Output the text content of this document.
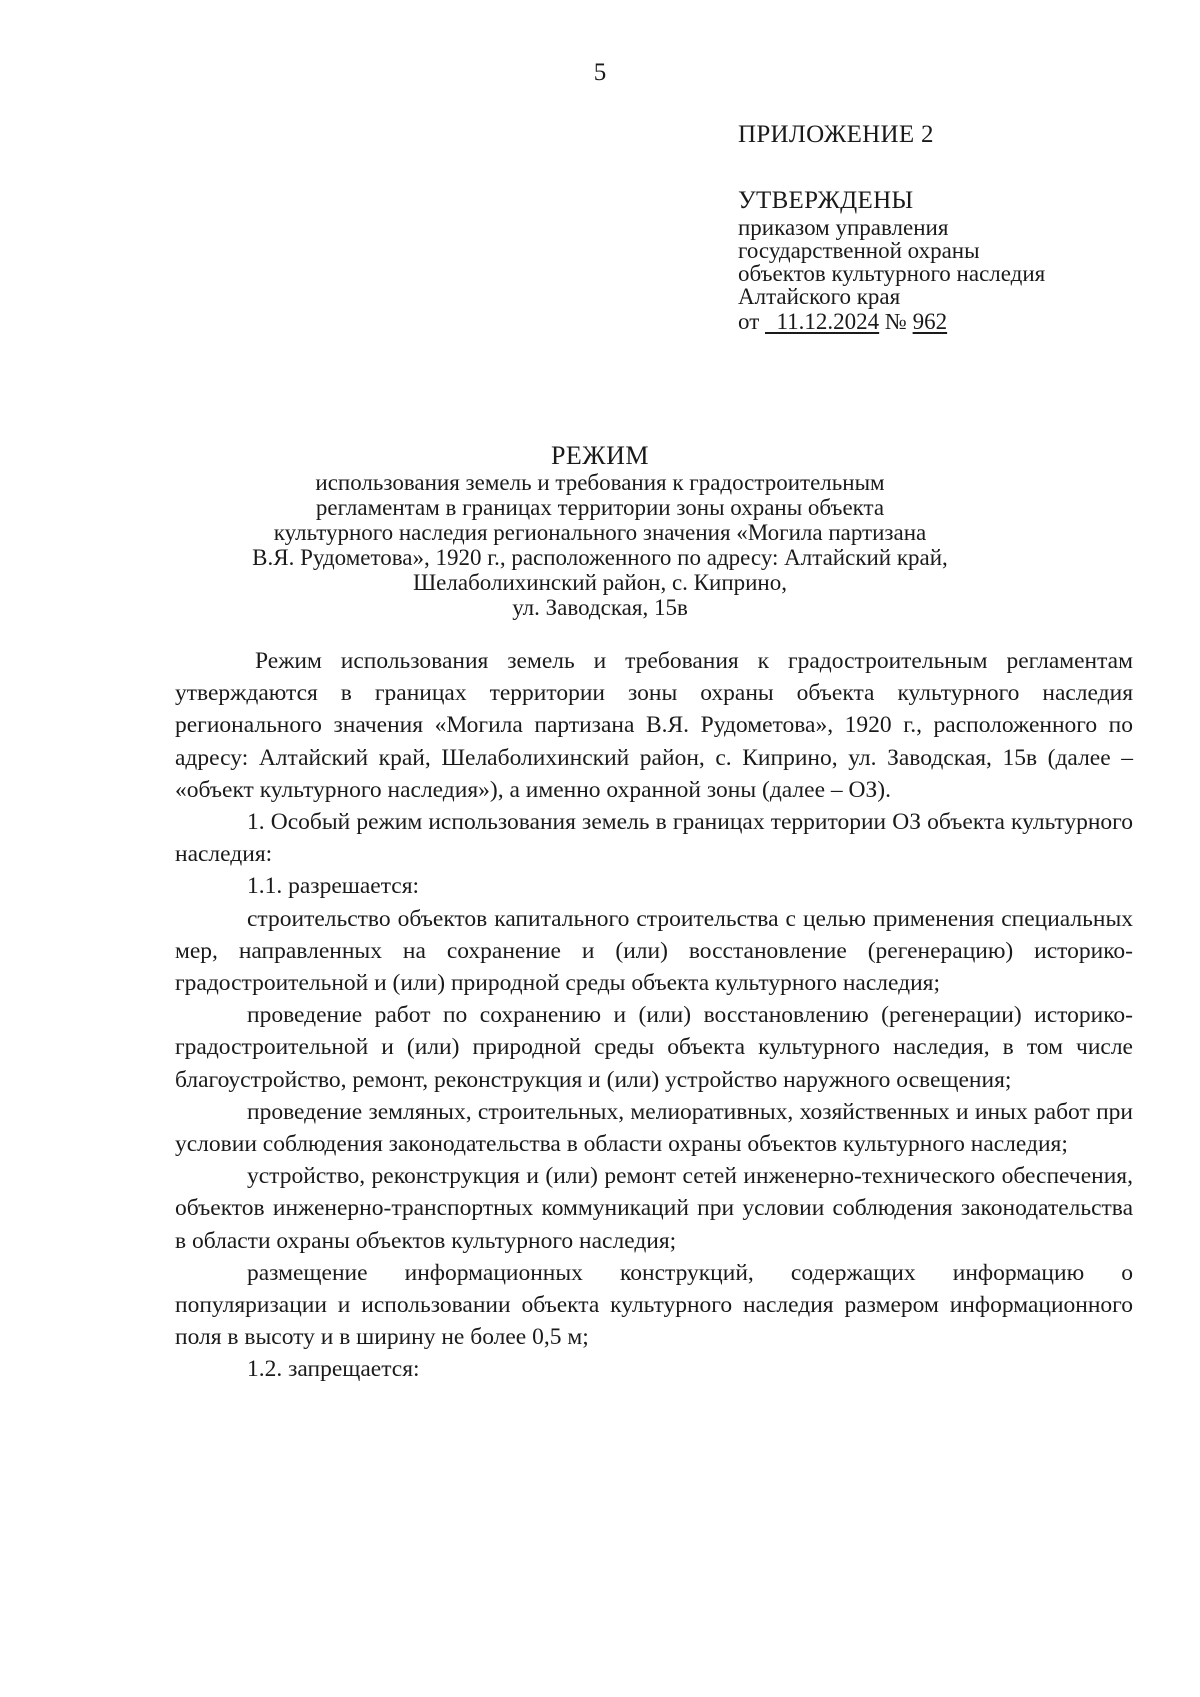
5
ПРИЛОЖЕНИЕ 2
УТВЕРЖДЕНЫ
приказом управления
государственной охраны
объектов культурного наследия
Алтайского края
от 11.12.2024 № 962
РЕЖИМ
использования земель и требования к градостроительным
регламентам в границах территории зоны охраны объекта
культурного наследия регионального значения «Могила партизана
В.Я. Рудометова», 1920 г., расположенного по адресу: Алтайский край,
Шелаболихинский район, с. Киприно,
ул. Заводская, 15в

Режим использования земель и требования к градостроительным регламентам утверждаются в границах территории зоны охраны объекта культурного наследия регионального значения «Могила партизана В.Я. Рудометова», 1920 г., расположенного по адресу: Алтайский край, Шелаболихинский район, с. Киприно, ул. Заводская, 15в (далее – «объект культурного наследия»), а именно охранной зоны (далее – ОЗ).

1. Особый режим использования земель в границах территории ОЗ объекта культурного наследия:

1.1. разрешается:

строительство объектов капитального строительства с целью применения специальных мер, направленных на сохранение и (или) восстановление (регенерацию) историко-градостроительной и (или) природной среды объекта культурного наследия;

проведение работ по сохранению и (или) восстановлению (регенерации) историко-градостроительной и (или) природной среды объекта культурного наследия, в том числе благоустройство, ремонт, реконструкция и (или) устройство наружного освещения;

проведение земляных, строительных, мелиоративных, хозяйственных и иных работ при условии соблюдения законодательства в области охраны объектов культурного наследия;

устройство, реконструкция и (или) ремонт сетей инженерно-технического обеспечения, объектов инженерно-транспортных коммуникаций при условии соблюдения законодательства в области охраны объектов культурного наследия;

размещение информационных конструкций, содержащих информацию о популяризации и использовании объекта культурного наследия размером информационного поля в высоту и в ширину не более 0,5 м;

1.2. запрещается:
